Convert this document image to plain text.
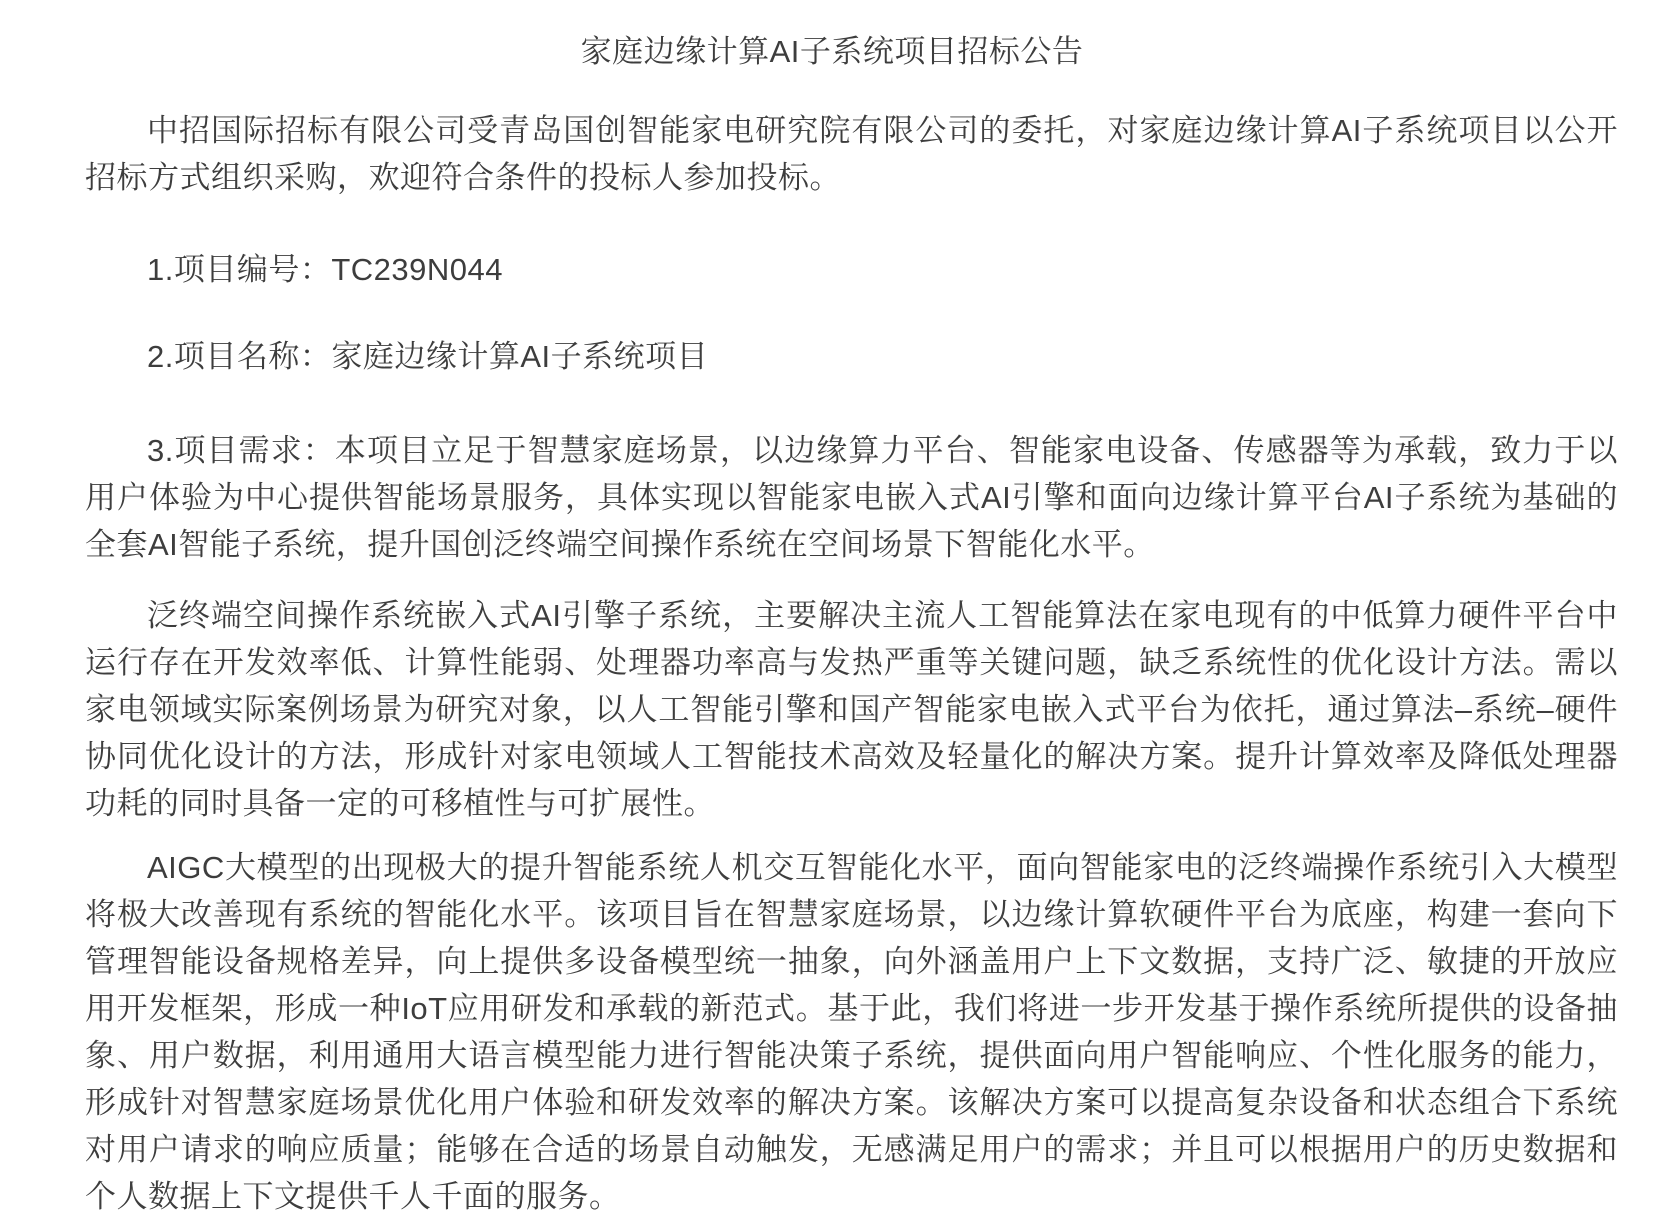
家庭边缘计算AI子系统项目招标公告

中招国际招标有限公司受青岛国创智能家电研究院有限公司的委托，对家庭边缘计算AI子系统项目以公开招标方式组织采购，欢迎符合条件的投标人参加投标。

1.项目编号：TC239N044

2.项目名称：家庭边缘计算AI子系统项目

3.项目需求：本项目立足于智慧家庭场景，以边缘算力平台、智能家电设备、传感器等为承载，致力于以用户体验为中心提供智能场景服务，具体实现以智能家电嵌入式AI引擎和面向边缘计算平台AI子系统为基础的全套AI智能子系统，提升国创泛终端空间操作系统在空间场景下智能化水平。

泛终端空间操作系统嵌入式AI引擎子系统，主要解决主流人工智能算法在家电现有的中低算力硬件平台中运行存在开发效率低、计算性能弱、处理器功率高与发热严重等关键问题，缺乏系统性的优化设计方法。需以家电领域实际案例场景为研究对象，以人工智能引擎和国产智能家电嵌入式平台为依托，通过算法–系统–硬件协同优化设计的方法，形成针对家电领域人工智能技术高效及轻量化的解决方案。提升计算效率及降低处理器功耗的同时具备一定的可移植性与可扩展性。

AIGC大模型的出现极大的提升智能系统人机交互智能化水平，面向智能家电的泛终端操作系统引入大模型将极大改善现有系统的智能化水平。该项目旨在智慧家庭场景，以边缘计算软硬件平台为底座，构建一套向下管理智能设备规格差异，向上提供多设备模型统一抽象，向外涵盖用户上下文数据，支持广泛、敏捷的开放应用开发框架，形成一种IoT应用研发和承载的新范式。基于此，我们将进一步开发基于操作系统所提供的设备抽象、用户数据，利用通用大语言模型能力进行智能决策子系统，提供面向用户智能响应、个性化服务的能力，形成针对智慧家庭场景优化用户体验和研发效率的解决方案。该解决方案可以提高复杂设备和状态组合下系统对用户请求的响应质量；能够在合适的场景自动触发，无感满足用户的需求；并且可以根据用户的历史数据和个人数据上下文提供千人千面的服务。
